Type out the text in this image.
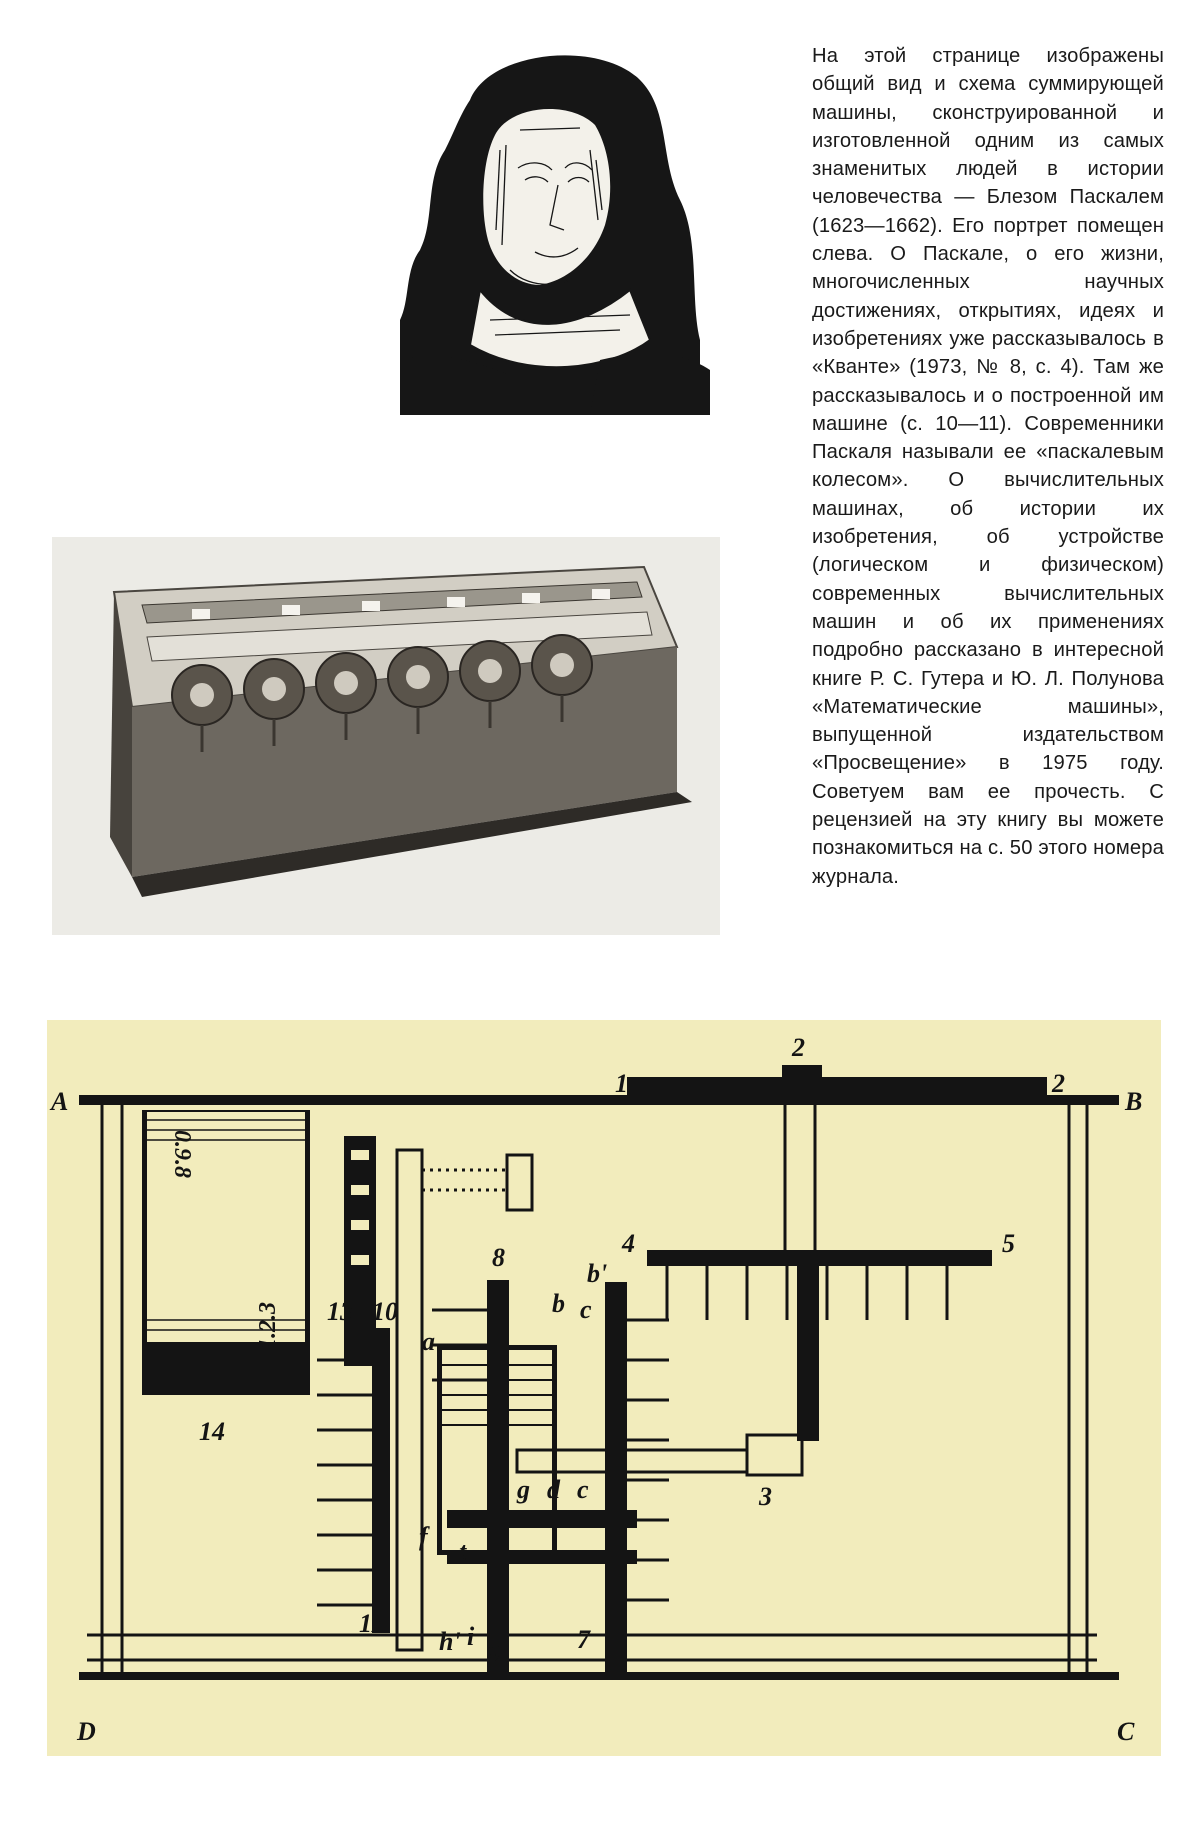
На этой странице изображены общий вид и схема суммирующей машины, сконструированной и изготовленной одним из самых знаменитых людей в истории человечества — Блезом Паскалем (1623—1662). Его портрет помещен слева. О Паскале, о его жизни, многочисленных научных достижениях, открытиях, идеях и изобретениях уже рассказывалось в «Кванте» (1973, № 8, с. 4). Там же рассказывалось и о построенной им машине (с. 10—11). Современники Паскаля называли ее «паскалевым колесом». О вычислительных машинах, об истории их изобретения, об устройстве (логическом и физическом) современных вычислительных машин и об их применениях подробно рассказано в интересной книге Р. С. Гутера и Ю. Л. Полунова «Математические машины», выпущенной издательством «Просвещение» в 1975 году. Советуем вам ее прочесть. С рецензией на эту книгу вы можете познакомиться на с. 50 этого номера журнала.

A	B
C
D
1
2
2
3
4	5
b'
7
8
9
10
11
13
14
a
b c
c
d
f
g
h' i
t
0.9.8
1.2.3
